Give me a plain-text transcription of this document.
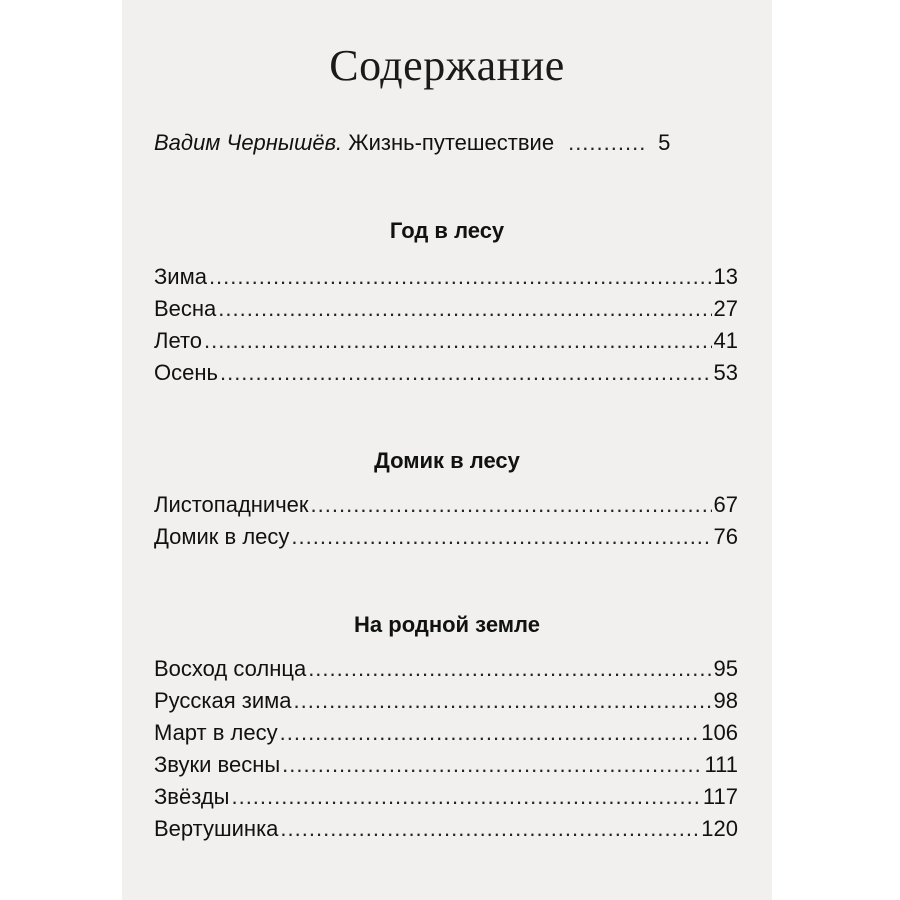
Содержание
Вадим Чернышёв. Жизнь-путешествие .....	5
Год в лесу
Зима .....	13
Весна .....	27
Лето .....	41
Осень .....	53
Домик в лесу
Листопадничек .....	67
Домик в лесу .....	76
На родной земле
Восход солнца .....	95
Русская зима .....	98
Март в лесу .....	106
Звуки весны .....	111
Звёзды .....	117
Вертушинка .....	120
